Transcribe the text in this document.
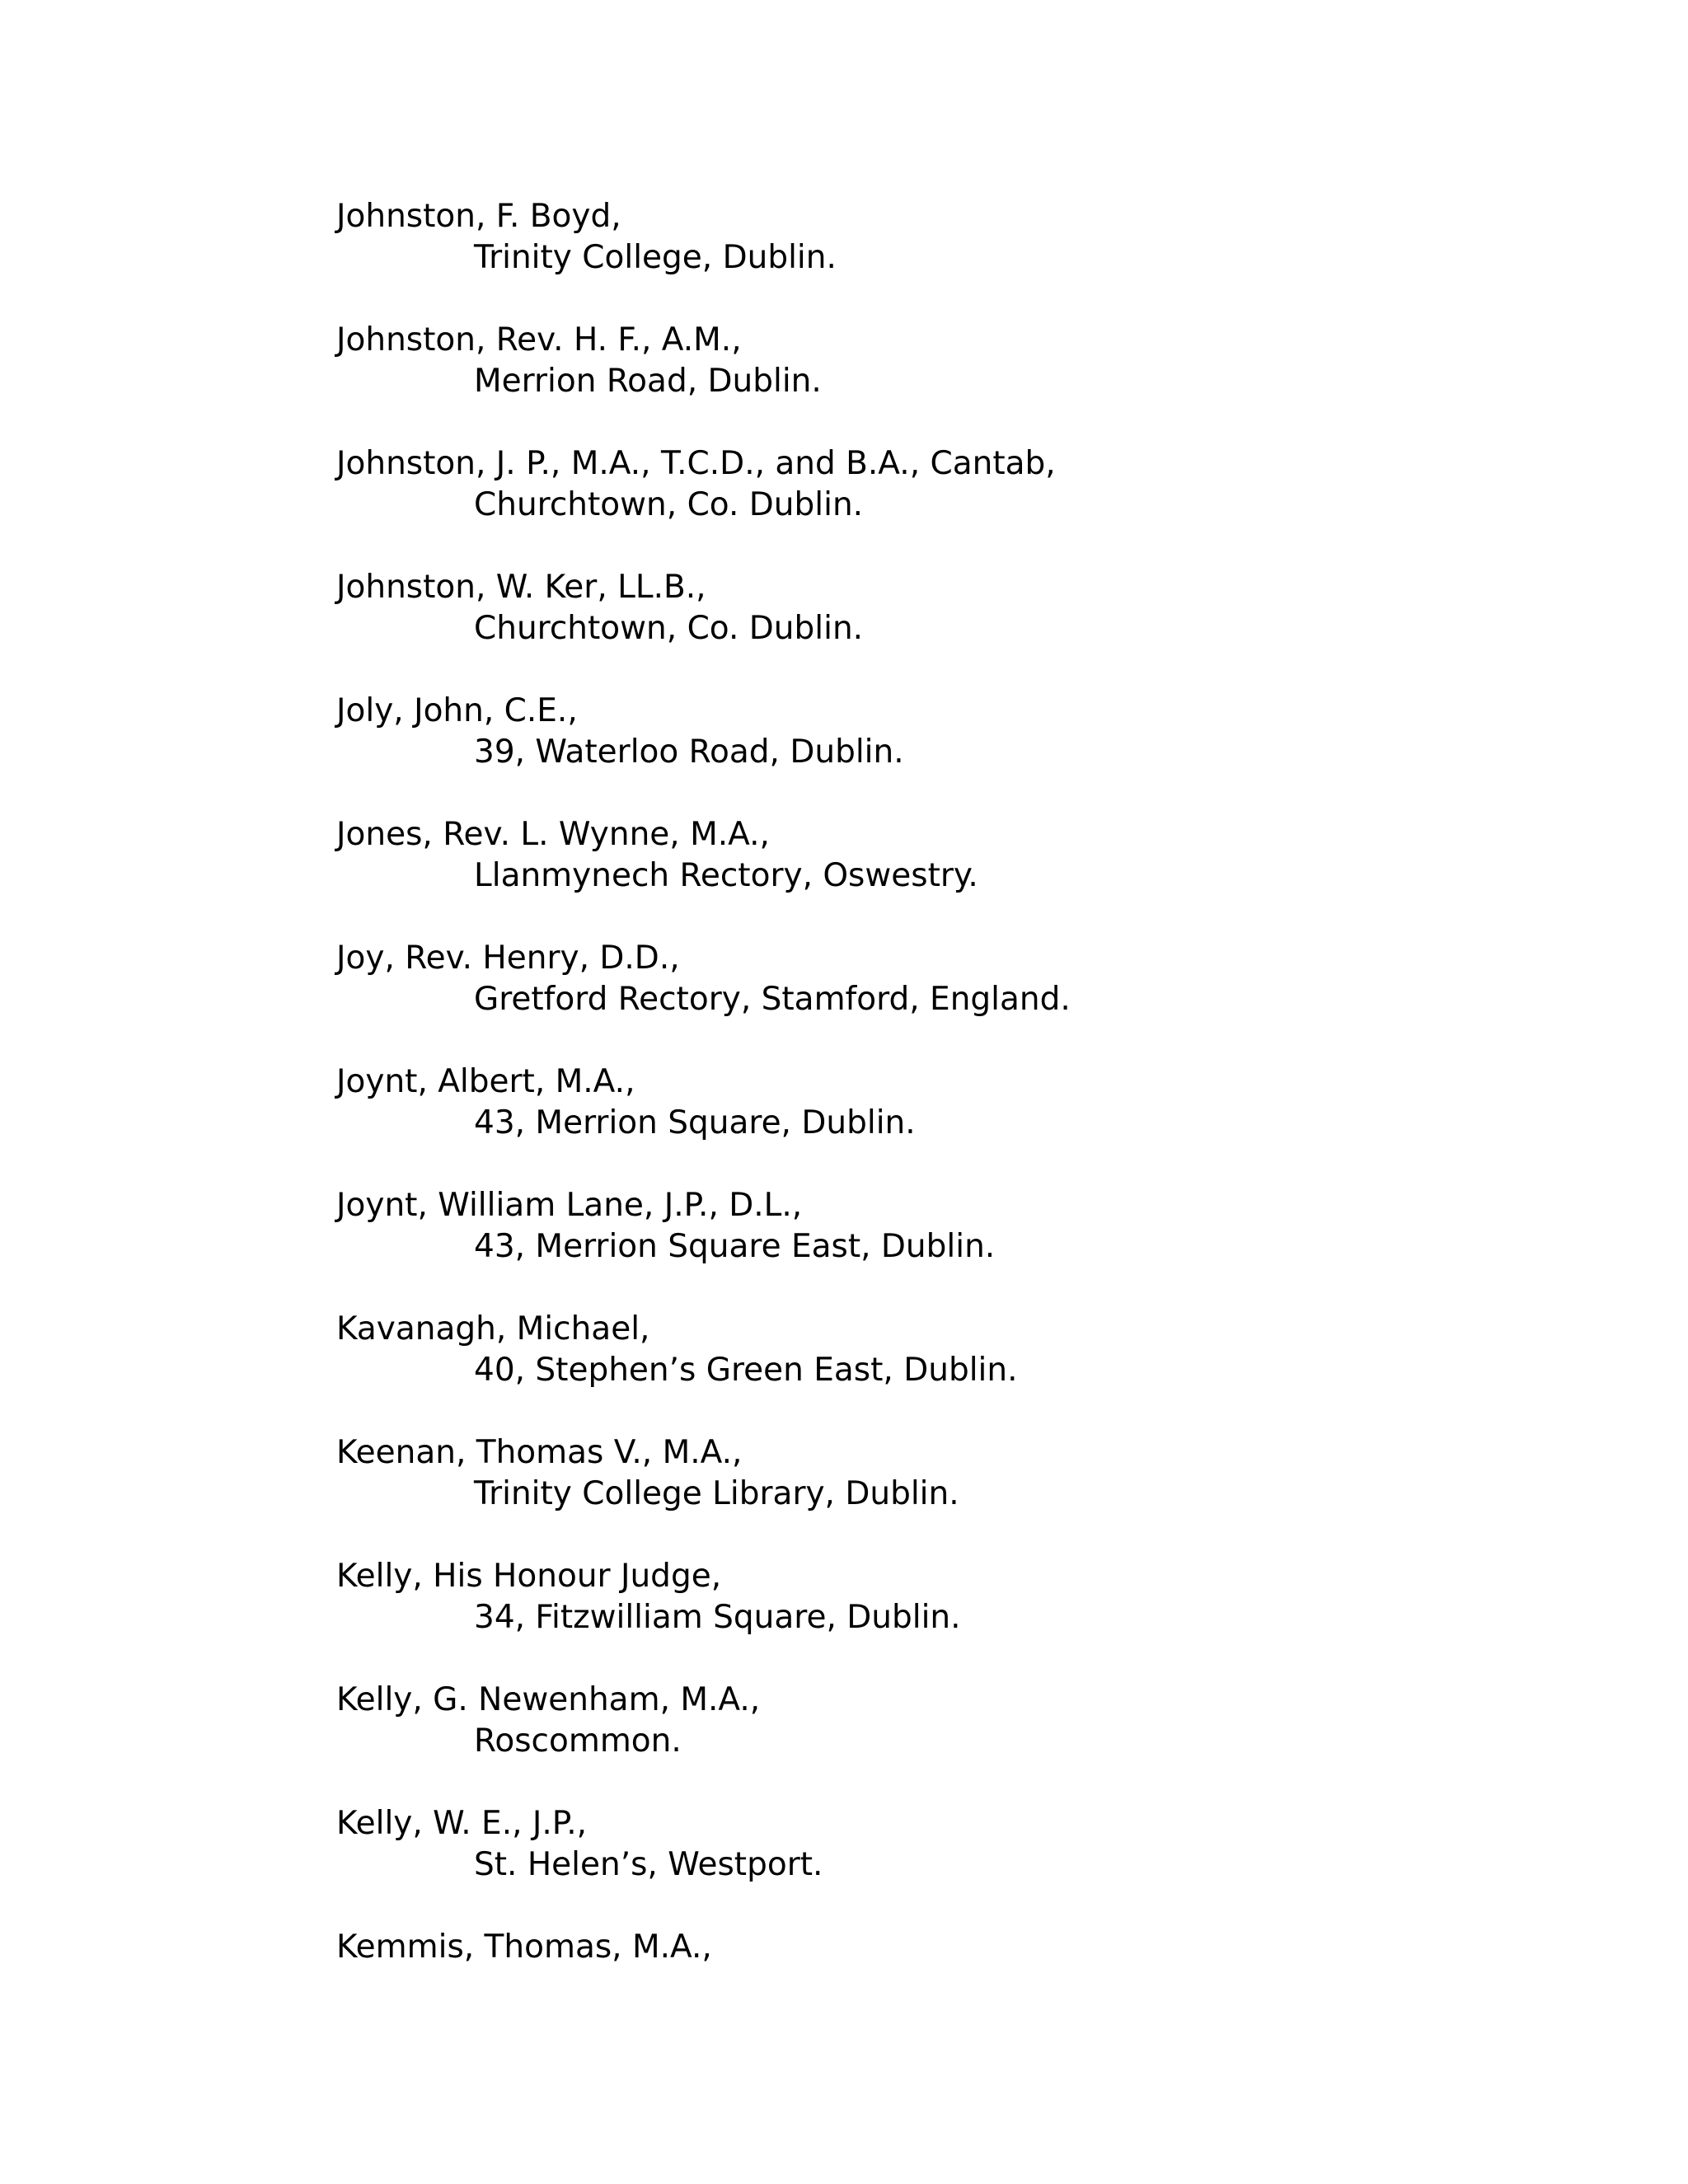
Johnston, F. Boyd,
Trinity College, Dublin.
Johnston, Rev. H. F., A.M.,
Merrion Road, Dublin.
Johnston, J. P., M.A., T.C.D., and B.A., Cantab,
Churchtown, Co. Dublin.
Johnston, W. Ker, LL.B.,
Churchtown, Co. Dublin.
Joly, John, C.E.,
39, Waterloo Road, Dublin.
Jones, Rev. L. Wynne, M.A.,
Llanmynech Rectory, Oswestry.
Joy, Rev. Henry, D.D.,
Gretford Rectory, Stamford, England.
Joynt, Albert, M.A.,
43, Merrion Square, Dublin.
Joynt, William Lane, J.P., D.L.,
43, Merrion Square East, Dublin.
Kavanagh, Michael,
40, Stephen’s Green East, Dublin.
Keenan, Thomas V., M.A.,
Trinity College Library, Dublin.
Kelly, His Honour Judge,
34, Fitzwilliam Square, Dublin.
Kelly, G. Newenham, M.A.,
Roscommon.
Kelly, W. E., J.P.,
St. Helen’s, Westport.
Kemmis, Thomas, M.A.,
